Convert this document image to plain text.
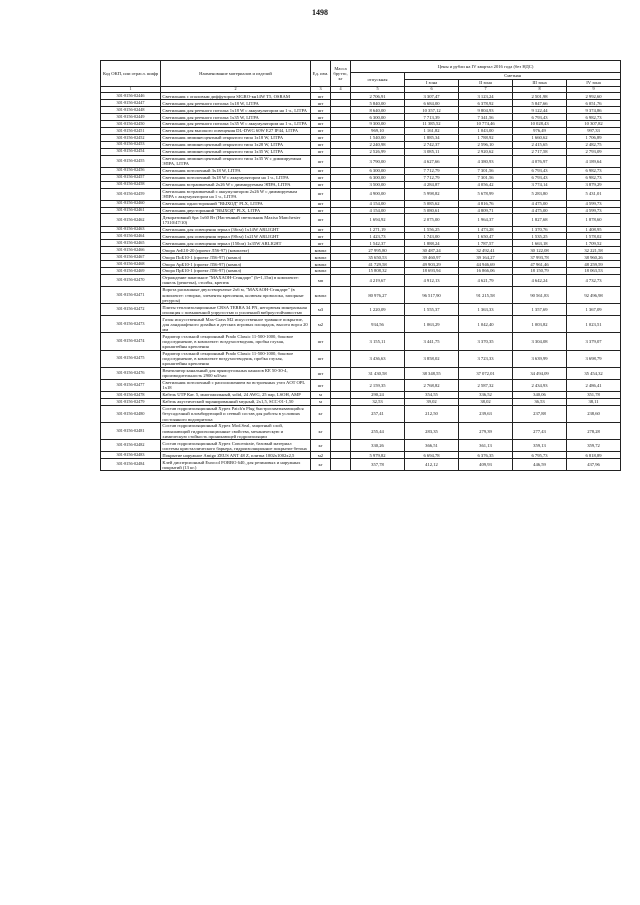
1498
Код ОКП, или отрасл. шифр	Наименование материалов и изделий	Ед. изм.	Масса брутто, кг	Цены и рубли на IV квартал 2016 года (без НДС)				
				отпускная	Сметная			
					I зона	II зона	III зона	IV зона
1	2	3	4	5	6	7	8	9
301-8156-02446	Светильник с опаловым диффузором SIGRO-кн14W T5, OSRAM	шт		2 706,91	3 307,47	3 123,24	2 501,98	2 992,60
301-8156-02447	Светильник для реечного потолка 1x18 W, LITPA	шт		5 840,00	6 684,00	6 378,92	5 847,66	6 051,76
301-8156-02448	Светильник для реечного потолка 1x18 W с аккумулятором на 1 ч., LITPA	шт		8 640,00	10 357,12	9 804,93	9 122,44	9 374,86
301-8156-02449	Светильник для реечного потолка 1x35 W, LITPA	шт		6 300,00	7 713,39	7 341,56	6 793,43	6 982,73
301-8156-02450	Светильник для реечного потолка 1x35 W с аккумулятором на 1 ч., LITPA	шт		9 300,00	11 385,52	10 774,46	10 028,43	10 307,82
301-8156-02451	Светильник для высокого освещения DL-DWG 60W E27 IP44, LITPA	шт		969,10	1 161,82	1 043,00	976,49	997,33
301-8156-02452	Светильник люминесцентный открытого типа 1x18 W, LITPA	шт		1 540,00	1 885,34	1 788,92	1 660,62	1 706,89
301-8156-02453	Светильник люминесцентный открытого типа 1x28 W, LITPA	шт		2 240,98	2 742,37	2 596,10	2 415,65	2 482,75
301-8156-02454	Светильник люминесцентный открытого типа 1x35 W, LITPA	шт		2 526,99	3 085,11	2 920,62	2 717,58	2 793,09
301-8156-02455	Светильник люминесцентный открытого типа 1x35 W с диммируемым ЭПРА, LITPA	шт		3 790,00	4 627,66	4 380,93	4 076,97	4 189,64
301-8156-02456	Светильник потолочный 3x18 W, LITPA	шт		6 300,00	7 712,79	7 301,56	6 793,43	6 982,73
301-8156-02457	Светильник потолочный 3x18 W с аккумулятором на 1 ч., LITPA	шт		6 300,00	7 712,79	7 301,56	6 793,43	6 982,73
301-8156-02458	Светильник встраиваемый 2x26 W с диммируемым ЭПРА, LITPA	шт		3 500,00	4 284,87	4 056,42	3 774,14	3 879,29
301-8156-02459	Светильник встраиваемый с аккумулятором 2x26 W с диммируемым ЭПРА с аккумулятором на 1 ч., LITPA	шт		4 900,00	5 998,82	5 678,99	5 283,80	5 431,01
301-8156-02460	Светильник односторонний "ВЫХОД" PLX, LITPA	шт		4 154,00	5 085,62	4 816,76	4 475,00	4 599,73
301-8156-02461	Светильник двусторонний "ВЫХОД" PLX, LITPA	шт		4 154,00	5 080,61	4 809,71	4 475,00	4 599,73
301-8156-02462	Декоративный бра 1x60 Вт (Настенный светильник Maxisa Manchester 17310/47/10)	шт		1 694,92	2 075,00	1 964,37	1 827,68	1 878,60
301-8156-02463	Светильник для освещения зеркал (36см) 1x14W ARLIGHT	шт		1 271,19	1 556,25	1 473,28	1 370,76	1 408,95
301-8156-02464	Светильник для освещения зеркал (90см) 1x21W ARLIGHT	шт		1 423,73	1 743,00	1 650,47	1 535,25	1 578,02
301-8156-02465	Светильник для освещения зеркал (150см) 1x35W ARLIGHT	шт		1 542,37	1 888,24	1 787,57	1 663,18	1 709,52
301-8156-02466	Опора АтБ10-20 (проект Л56-97) (комплект)	компл		27 995,80	30 487,24	32 492,41	30 122,08	32 221,58
301-8156-02467	Опора ПоБ10-1 (проект Л56-97) (компл)	компл		35 650,53	39 460,97	39 164,27	37 993,78	38 960,26
301-8156-02468	Опора АрБ10-1 (проект Л56-97) (компл)	компл		41 729,58	49 903,29	44 946,69	47 961,46	48 259,59
301-8156-02469	Опора ПрБ10-1 (проект Л56-97) (компл)	компл		15 808,32	18 693,94	16 866,06	18 150,79	18 063,53
301-8156-02470	Ограждение панельное "МАХАОН-Стандарт" (h=1,15м) в комплекте: панель (решетка), столбы, крепеж	мп		4 219,67	4 912,13	4 621,79	4 642,24	4 732,73
301-8156-02471	Ворота распашные двухстворчатые 2x6 м, "МАХАОН-Стандарт" (в комплекте: створки, элементы крепления, колючая проволока, запорные ресурсы)	компл		80 976,27	96 517,90	91 215,58	90 561,83	92 496,98
301-8156-02472	Плиты теплоизоляционные CRSA TERRA 34 PN, негорючая минеральная изоляция с повышенной упругостью и усиленной виброустойчивостью	м3		1 220,09	1 555,37	1 363,33	1 357,69	1 367,09
301-8156-02473	Газон искусственный Max-Grass M2 искусственное травяное покрытие, для ландшафтного дизайна и детских игровых площадок, высота ворса 20 мм	м2		934,56	1 063,29	1 042,40	1 003,82	1 023,51
301-8156-02474	Радиатор стальной секционный Prado Classic 11-500-1000, боковое подсоединение, в комплекте: воздухоотводчик, пробка глухая, кронштейны крепления	шт		3 155,11	3 441,75	3 370,35	3 304,08	3 379,07
301-8156-02475	Радиатор стальной секционный Prado Classic 11-500-1000, боковое подсоединение, в комплекте воздухоотводчик, пробка глухая, кронштейны крепления	шт		3 436,63	3 858,02	3 723,33	3 639,99	3 698,79
301-8156-02476	Вентилятор канальный для прямоугольных каналов КЕ 50-30-4, производительность 2900 м3/час	шт		31 430,58	38 348,55	37 072,01	34 494,09	35 454,32
301-8156-02477	Светильник потолочный с расположением во встроенных узел AOT OPL 1x18	шт		2 159,35	2 768,82	2 587,32	2 434,93	2 486,41
301-8156-02478	Кабель UTP Кат. 5, многожильный, solid, 24 AWG, 25 пар, LSOH, AMP	м		290,24	354,55	336,52	340,06	351,78
301-8156-02479	Кабель акустический экранированный медный, 2x1,5, SCC-01-1,50	м		32,53	39,02	38,02	36,53	38,11
301-8156-02480	Состав гидроизоляционный Xypex Patch'n Plug быстросхватывающийся безусадочный пломбирующий и сеевый состав для работы в условиях постоянного водопритока	кг		257,41	212,50	239,63	237,88	238,60
301-8156-02481	Состав гидроизоляционный Xypex Mod.Seal, защитный слой, повышающий гидроизоляционные свойства, механическую и химическую стойкость проникающей гидроизоляции	кг		255,44	283,35	279,39	277,43	278,28
301-8156-02482	Состав гидроизоляционный Xypex Concentrate, базовый материал системы кристаллического барьера, гидроизоляционное покрытие бетона	кг		330,26	366,51	361,13	359,13	359,72
301-8156-02483	Покрытие наружное Amigo ZEUS ANT 48 Z, плитка 1002x1002x2,5	м2		5 979,82	6 694,78	6 376,35	6 795,73	6 818,89
301-8156-02484	Клей дисперсионный Eurocol FORBO 640, для резиновых и наружных покрытий (13 кг.)	кг		357,78	412,12	409,93	446,59	437,96
